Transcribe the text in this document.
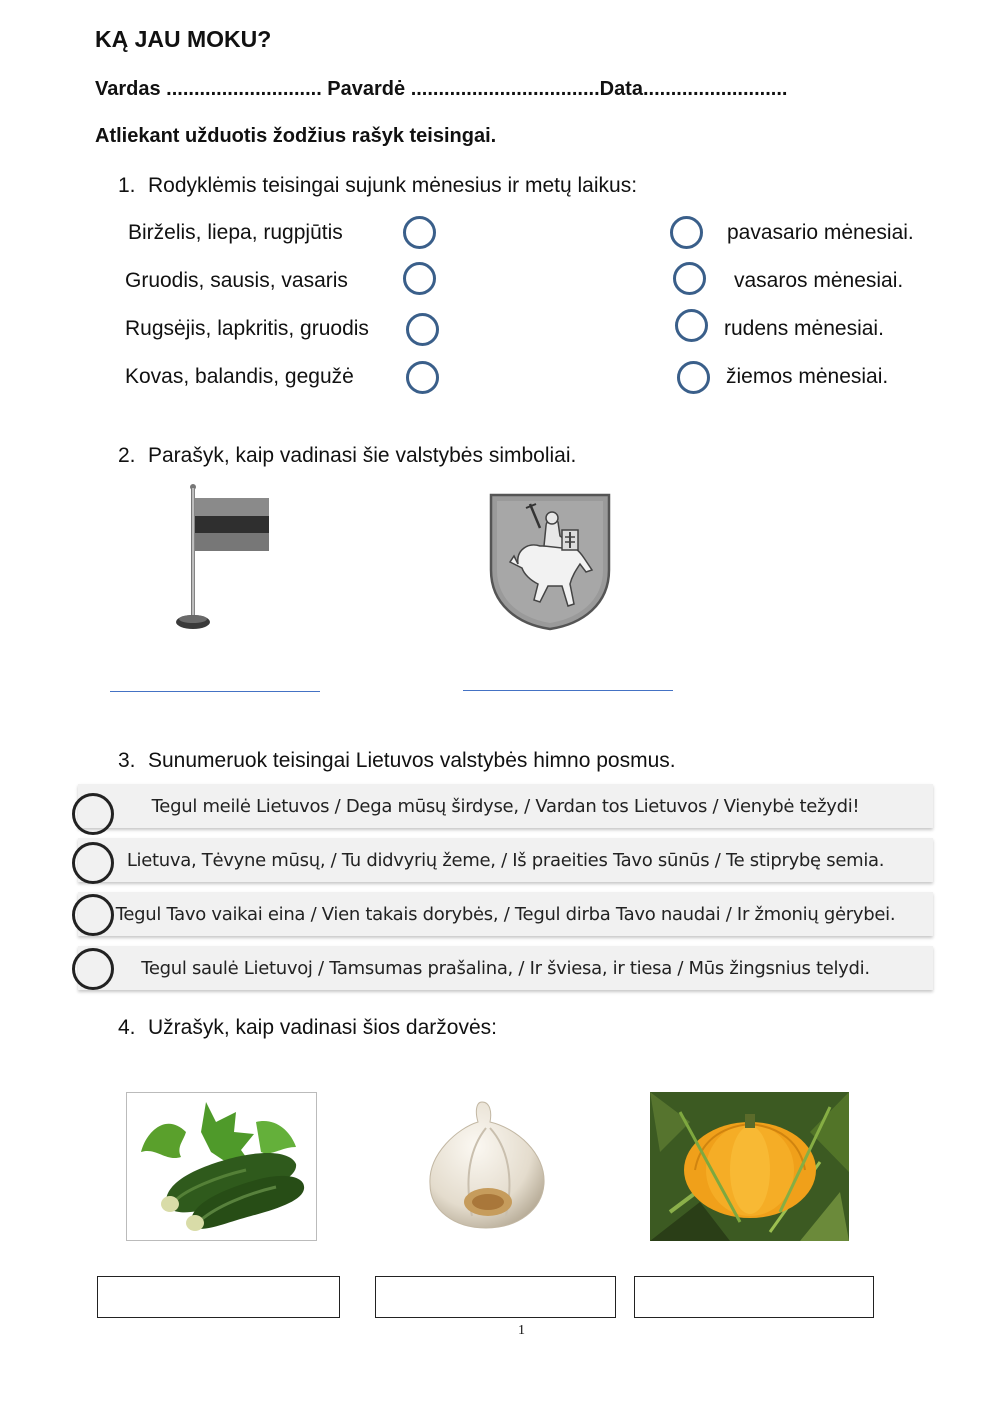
KĄ JAU MOKU?
Vardas ............................ Pavardė ..................................Data..........................
Atliekant užduotis žodžius rašyk teisingai.
1. Rodyklėmis teisingai sujunk mėnesius ir metų laikus:
Birželis, liepa, rugpjūtis
Gruodis, sausis, vasaris
Rugsėjis, lapkritis, gruodis
Kovas, balandis, gegužė
pavasario mėnesiai.
vasaros mėnesiai.
rudens mėnesiai.
žiemos mėnesiai.
2. Parašyk, kaip vadinasi šie valstybės simboliai.
3. Sunumeruok teisingai Lietuvos valstybės himno posmus.
Tegul meilė Lietuvos / Dega mūsų širdyse, / Vardan tos Lietuvos / Vienybė težydi!
Lietuva, Tėvyne mūsų, / Tu didvyrių žeme, / Iš praeities Tavo sūnūs / Te stiprybę semia.
Tegul Tavo vaikai eina / Vien takais dorybės, / Tegul dirba Tavo naudai / Ir žmonių gėrybei.
Tegul saulė Lietuvoj / Tamsumas prašalina, / Ir šviesa, ir tiesa / Mūs žingsnius telydi.
4. Užrašyk, kaip vadinasi šios daržovės:
1
